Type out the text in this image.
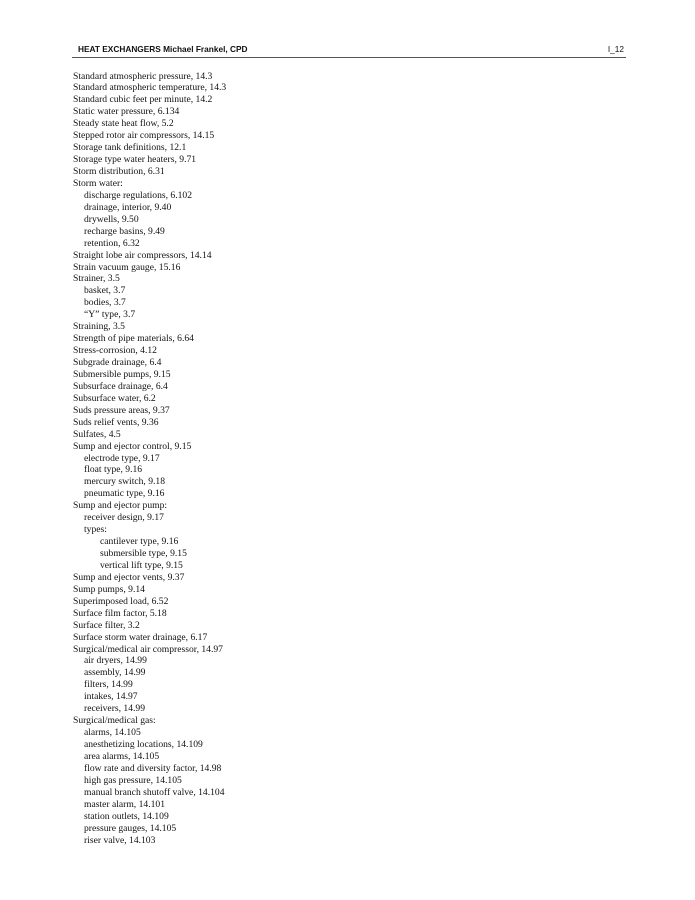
HEAT EXCHANGERS Michael Frankel, CPD	I_12
Standard atmospheric pressure, 14.3
Standard atmospheric temperature, 14.3
Standard cubic feet per minute, 14.2
Static water pressure, 6.134
Steady state heat flow, 5.2
Stepped rotor air compressors, 14.15
Storage tank definitions, 12.1
Storage type water heaters, 9.71
Storm distribution, 6.31
Storm water:
discharge regulations, 6.102
drainage, interior, 9.40
drywells, 9.50
recharge basins, 9.49
retention, 6.32
Straight lobe air compressors, 14.14
Strain vacuum gauge, 15.16
Strainer, 3.5
basket, 3.7
bodies, 3.7
“Y” type, 3.7
Straining, 3.5
Strength of pipe materials, 6.64
Stress-corrosion, 4.12
Subgrade drainage, 6.4
Submersible pumps, 9.15
Subsurface drainage, 6.4
Subsurface water, 6.2
Suds pressure areas, 9.37
Suds relief vents, 9.36
Sulfates, 4.5
Sump and ejector control, 9.15
electrode type, 9.17
float type, 9.16
mercury switch, 9.18
pneumatic type, 9.16
Sump and ejector pump:
receiver design, 9.17
types:
cantilever type, 9.16
submersible type, 9.15
vertical lift type, 9.15
Sump and ejector vents, 9.37
Sump pumps, 9.14
Superimposed load, 6.52
Surface film factor, 5.18
Surface filter, 3.2
Surface storm water drainage, 6.17
Surgical/medical air compressor, 14.97
air dryers, 14.99
assembly, 14.99
filters, 14.99
intakes, 14.97
receivers, 14.99
Surgical/medical gas:
alarms, 14.105
anesthetizing locations, 14.109
area alarms, 14.105
flow rate and diversity factor, 14.98
high gas pressure, 14.105
manual branch shutoff valve, 14.104
master alarm, 14.101
station outlets, 14.109
pressure gauges, 14.105
riser valve, 14.103
